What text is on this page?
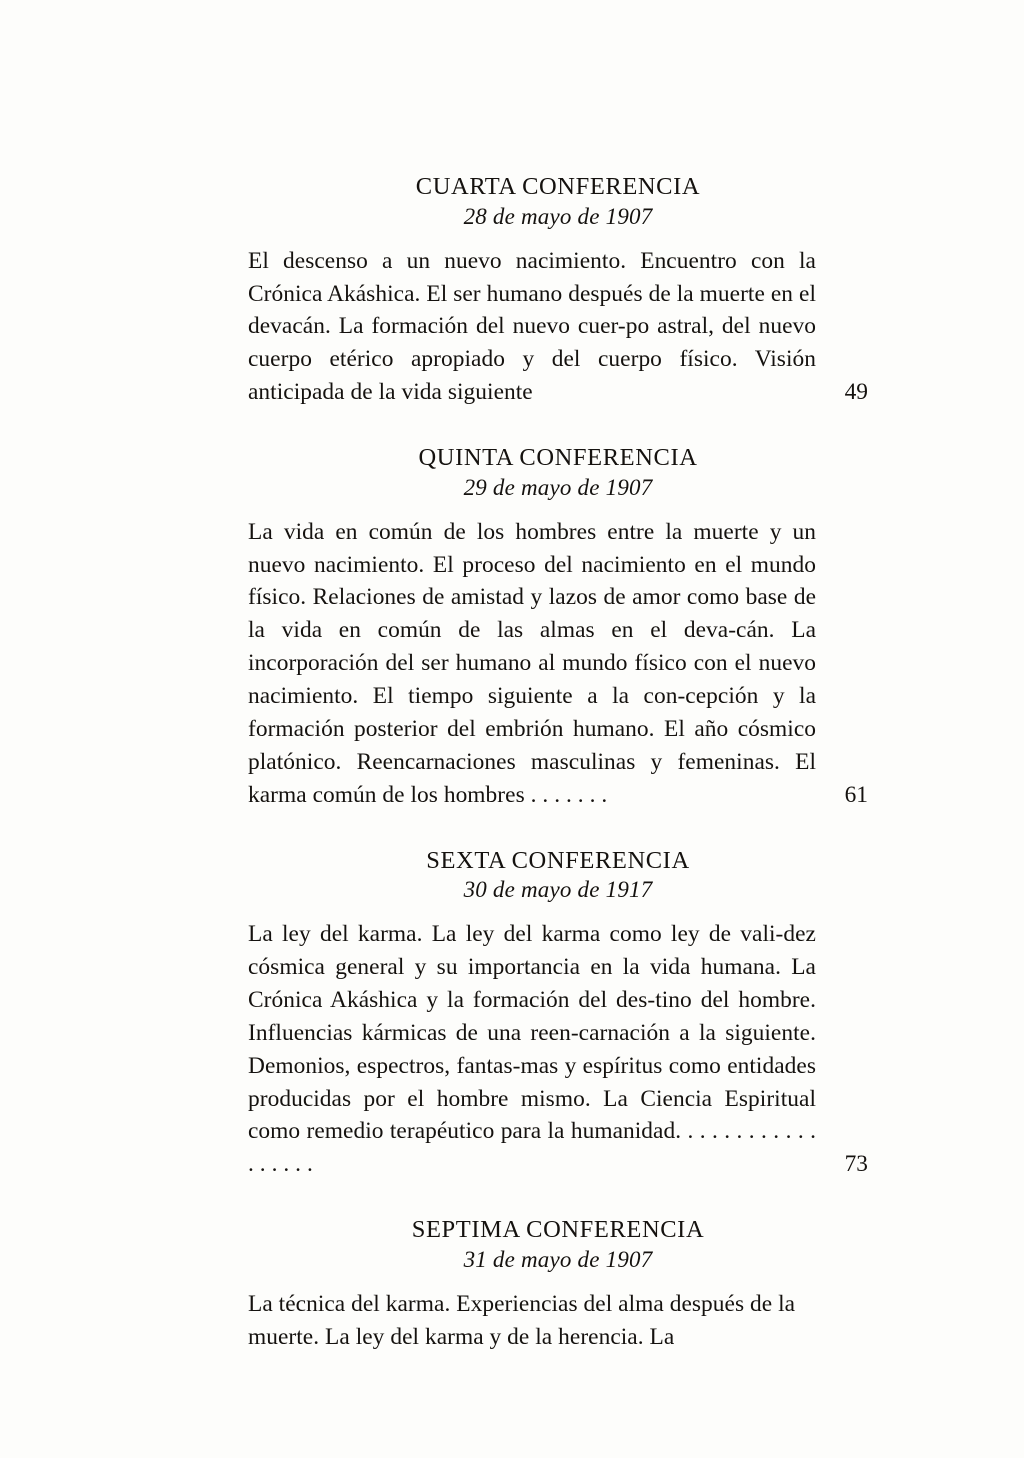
CUARTA CONFERENCIA
28 de mayo de 1907
El descenso a un nuevo nacimiento. Encuentro con la Crónica Akáshica. El ser humano después de la muerte en el devacán. La formación del nuevo cuer-po astral, del nuevo cuerpo etérico apropiado y del cuerpo físico. Visión anticipada de la vida siguiente	49
QUINTA CONFERENCIA
29 de mayo de 1907
La vida en común de los hombres entre la muerte y un nuevo nacimiento. El proceso del nacimiento en el mundo físico. Relaciones de amistad y lazos de amor como base de la vida en común de las almas en el deva-cán. La incorporación del ser humano al mundo físico con el nuevo nacimiento. El tiempo siguiente a la con-cepción y la formación posterior del embrión humano. El año cósmico platónico. Reencarnaciones masculinas y femeninas. El karma común de los hombres . . . . . . .	61
SEXTA CONFERENCIA
30 de mayo de 1917
La ley del karma. La ley del karma como ley de vali-dez cósmica general y su importancia en la vida humana. La Crónica Akáshica y la formación del des-tino del hombre. Influencias kármicas de una reen-carnación a la siguiente. Demonios, espectros, fantas-mas y espíritus como entidades producidas por el hombre mismo. La Ciencia Espiritual como remedio terapéutico para la humanidad. . . . . . . . . . . . . . . . . .	73
SEPTIMA CONFERENCIA
31 de mayo de 1907
La técnica del karma. Experiencias del alma después de la muerte. La ley del karma y de la herencia. La
